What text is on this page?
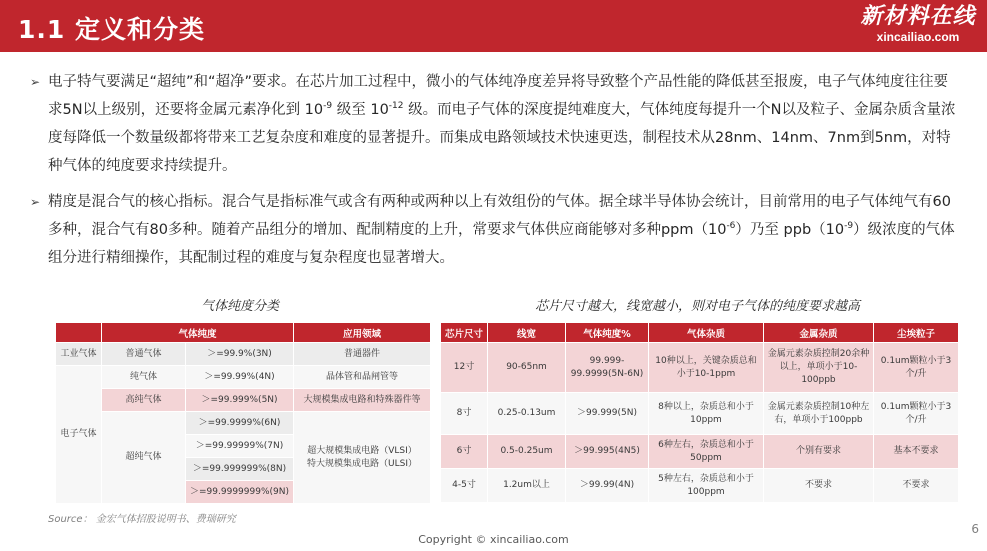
1.1 定义和分类	新材料在线
xincailiao.com
➢ 电子特气要满足“超纯”和“超净”要求。在芯片加工过程中，微小的气体纯净度差异将导致整个产品性能的降低甚至报废，电子气体纯度往往要求5N以上级别，还要将金属元素净化到 $10^{-9}$ 级至 $10^{-12}$ 级。而电子气体的深度提纯难度大，气体纯度每提升一个N以及粒子、金属杂质含量浓度每降低一个数量级都将带来工艺复杂度和难度的显著提升。而集成电路领域技术快速更迭，制程技术从28nm、14nm、7nm到5nm，对特种气体的纯度要求持续提升。
➢ 精度是混合气的核心指标。混合气是指标准气或含有两种或两种以上有效组份的气体。据全球半导体协会统计，目前常用的电子气体纯气有60多种，混合气有80多种。随着产品组分的增加、配制精度的上升，常要求气体供应商能够对多种$ppm(10^{-6})$乃至 $ppb(10^{-9})$级浓度的气体组分进行精细操作，其配制过程的难度与复杂程度也显著增大。
气体纯度分类	芯片尺寸越大，线宽越小，则对电子气体的纯度要求越高
	气体纯度		应用领域
工业气体	普通气体	＞=99.9%(3N)	普通器件
电子气体	纯气体	＞=99.99%(4N)	晶体管和晶闸管等
	高纯气体	＞=99.999%(5N)	大规模集成电路和特殊器件等
	超纯气体	＞=99.9999%(6N)	超大规模集成电路（VLSI）
特大规模集成电路（ULSI）
		＞=99.99999%(7N)	
		＞=99.999999%(8N)	
		＞=99.9999999%(9N)	
芯片尺寸	线宽	气体纯度%	气体杂质	金属杂质	尘埃粒子
12寸	90-65nm	99.999-99.9999(5N-6N)	10种以上，关键杂质总和小于10-1ppm	金属元素杂质控制20余种以上，单项小于10-100ppb	0.1um颗粒小于3个/升
8寸	0.25-0.13um	＞99.999(5N)	8种以上，杂质总和小于10ppm	金属元素杂质控制10种左右，单项小于100ppb	0.1um颗粒小于3个/升
6寸	0.5-0.25um	＞99.995(4N5)	6种左右，杂质总和小于50ppm	个别有要求	基本不要求
4-5寸	1.2um以上	＞99.99(4N)	5种左右，杂质总和小于100ppm	不要求	不要求
Source： 金宏气体招股说明书、费瑞研究
6
Copyright © xincailiao.com
